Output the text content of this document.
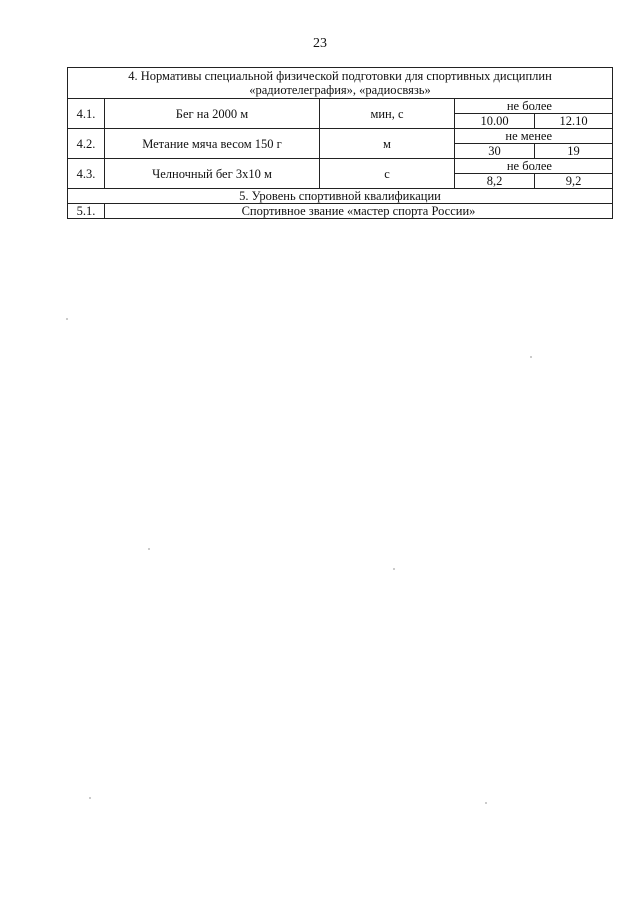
23
4. Нормативы специальной физической подготовки для спортивных дисциплин
«радиотелеграфия», «радиосвязь»				

4.1.	Бег на 2000 м	мин, с	не более	
			10.00	12.10
4.2.	Метание мяча весом 150 г	м	не менее	
			30	19
4.3.	Челночный бег 3x10 м	с	не более	
			8,2	9,2
5. Уровень спортивной квалификации				
5.1.	Спортивное звание «мастер спорта России»			
